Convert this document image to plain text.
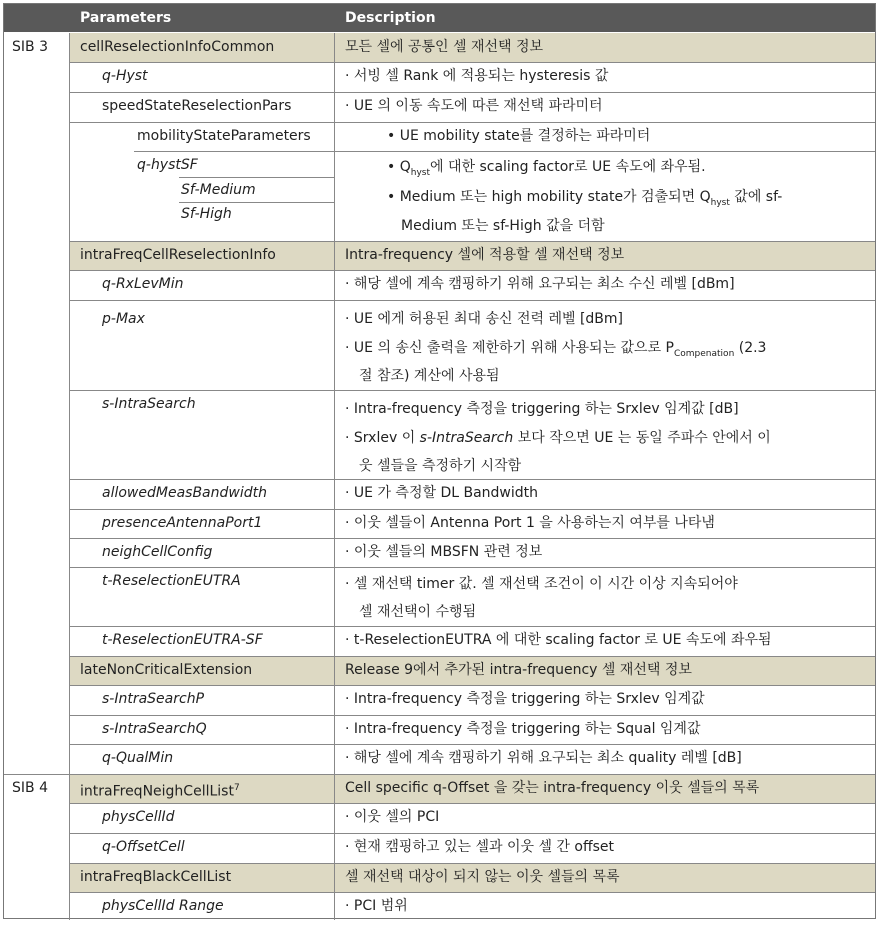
Parameters	Description
SIB 3
SIB 4
cellReselectionInfoCommon
q-Hyst
speedStateReselectionPars
mobilityStateParameters
q-hystSF
Sf-Medium
Sf-High
intraFreqCellReselectionInfo
q-RxLevMin
p-Max
s-IntraSearch
allowedMeasBandwidth
presenceAntennaPort1
neighCellConfig
t-ReselectionEUTRA
t-ReselectionEUTRA-SF
lateNonCriticalExtension
s-IntraSearchP
s-IntraSearchQ
q-QualMin
intraFreqNeighCellList$^7$
physCellId
q-OffsetCell
intraFreqBlackCellList
physCellId Range
모든 셀에 공통인 셀 재선택 정보
· 서빙 셀 Rank 에 적용되는 hysteresis 값
· UE 의 이동 속도에 따른 재선택 파라미터
• UE mobility state를 결정하는 파라미터
• $Q_{hyst}$에 대한 scaling factor로 UE 속도에 좌우됨.
• Medium 또는 high mobility state가 검출되면 $Q_{hyst}$ 값에 sf-
Medium 또는 sf-High 값을 더함
Intra-frequency 셀에 적용할 셀 재선택 정보
· 해당 셀에 계속 캠핑하기 위해 요구되는 최소 수신 레벨 [dBm]
· UE 에게 허용된 최대 송신 전력 레벨 [dBm]
· UE 의 송신 출력을 제한하기 위해 사용되는 값으로 $P_{Compenation}$ (2.3
절 참조) 계산에 사용됨
· Intra-frequency 측정을 triggering 하는 Srxlev 임계값 [dB]
· Srxlev 이 s-IntraSearch 보다 작으면 UE 는 동일 주파수 안에서 이
웃 셀들을 측정하기 시작함
· UE 가 측정할 DL Bandwidth
· 이웃 셀들이 Antenna Port 1 을 사용하는지 여부를 나타냄
· 이웃 셀들의 MBSFN 관련 정보
· 셀 재선택 timer 값. 셀 재선택 조건이 이 시간 이상 지속되어야
셀 재선택이 수행됨
· t-ReselectionEUTRA 에 대한 scaling factor 로 UE 속도에 좌우됨
Release 9에서 추가된 intra-frequency 셀 재선택 정보
· Intra-frequency 측정을 triggering 하는 Srxlev 임계값
· Intra-frequency 측정을 triggering 하는 Squal 임계값
· 해당 셀에 계속 캠핑하기 위해 요구되는 최소 quality 레벨 [dB]
Cell specific q-Offset 을 갖는 intra-frequency 이웃 셀들의 목록
· 이웃 셀의 PCI
· 현재 캠핑하고 있는 셀과 이웃 셀 간 offset
셀 재선택 대상이 되지 않는 이웃 셀들의 목록
· PCI 범위
